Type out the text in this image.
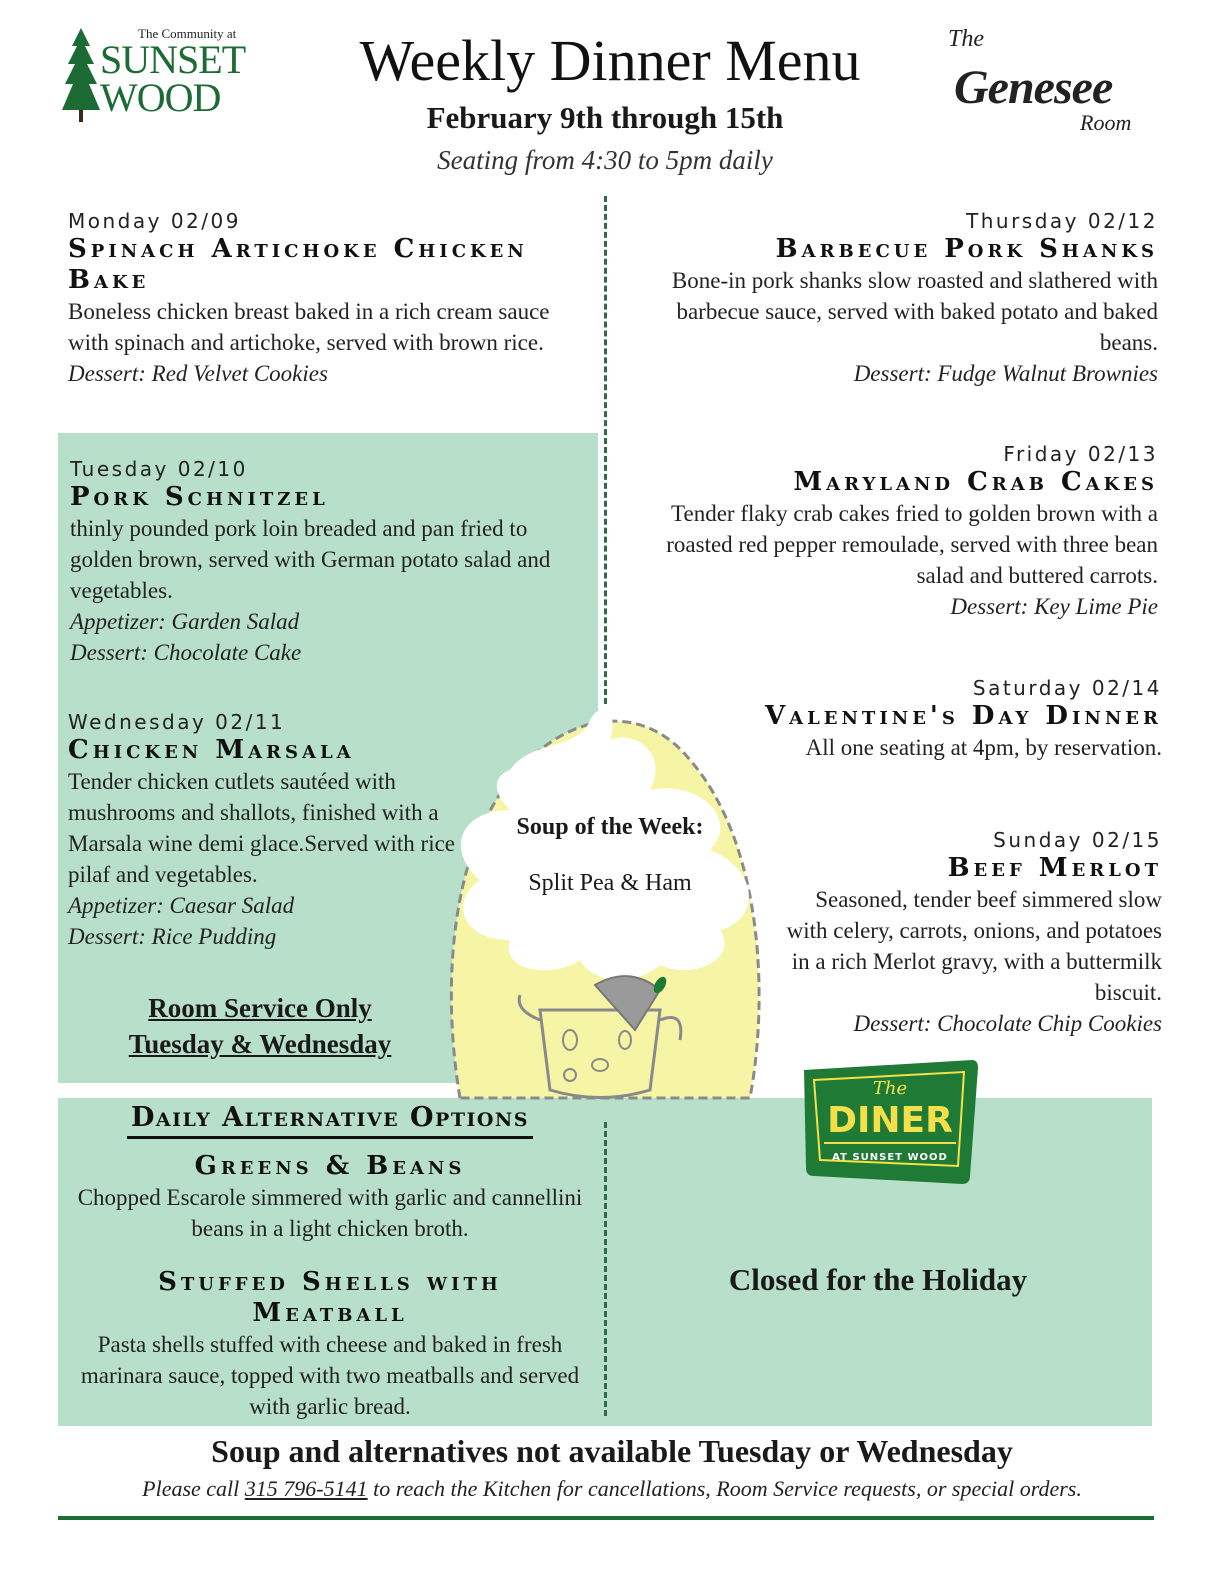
The Community at
SUNSET
WOOD
Weekly Dinner Menu
February 9th through 15th
Seating from 4:30 to 5pm daily
The
Genesee
Room
Soup of the Week:
Split Pea & Ham
Monday 02/09
Spinach Artichoke Chicken Bake
Boneless chicken breast baked in a rich cream sauce with spinach and artichoke, served with brown rice.
Dessert: Red Velvet Cookies
Tuesday 02/10
Pork Schnitzel
thinly pounded pork loin breaded and pan fried to golden brown, served with German potato salad and vegetables.
Appetizer: Garden Salad
Dessert: Chocolate Cake
Wednesday 02/11
Chicken Marsala
Tender chicken cutlets sautéed with mushrooms and shallots, finished with a Marsala wine demi glace.Served with rice pilaf and vegetables.
Appetizer: Caesar Salad
Dessert: Rice Pudding
Room Service Only
Tuesday & Wednesday
Thursday 02/12
Barbecue Pork Shanks
Bone-in pork shanks slow roasted and slathered with barbecue sauce, served with baked potato and baked beans.
Dessert: Fudge Walnut Brownies
Friday 02/13
Maryland Crab Cakes
Tender flaky crab cakes fried to golden brown with a roasted red pepper remoulade, served with three bean salad and buttered carrots.
Dessert: Key Lime Pie
Saturday 02/14
Valentine's Day Dinner
All one seating at 4pm, by reservation.
Sunday 02/15
Beef Merlot
Seasoned, tender beef simmered slow with celery, carrots, onions, and potatoes in a rich Merlot gravy, with a buttermilk biscuit.
Dessert: Chocolate Chip Cookies
Daily Alternative Options
Greens & Beans
Chopped Escarole simmered with garlic and cannellini beans in a light chicken broth.
Stuffed Shells with Meatball
Pasta shells stuffed with cheese and baked in fresh marinara sauce, topped with two meatballs and served with garlic bread.
The
DINER
AT SUNSET WOOD
Closed for the Holiday
Soup and alternatives not available Tuesday or Wednesday
Please call 315 796-5141 to reach the Kitchen for cancellations, Room Service requests, or special orders.
